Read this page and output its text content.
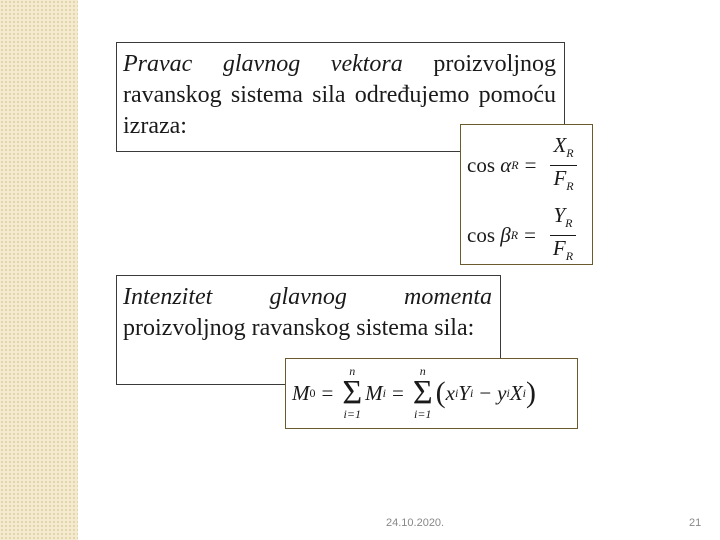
Pravac glavnog vektora proizvoljnog ravanskog sistema sila određujemo pomoću izraza:
cos
α $R = \frac{X_R}{F_R}$
cos
β $R = \frac{Y_R}{F_R}$
Intenzitet glavnog momenta proizvoljnog ravanskog sistema sila:
M 0 =
n
Σ
i=1
M i =
n
Σ
i=1
( x i Y i − y i X i )
24.10.2020.	21
